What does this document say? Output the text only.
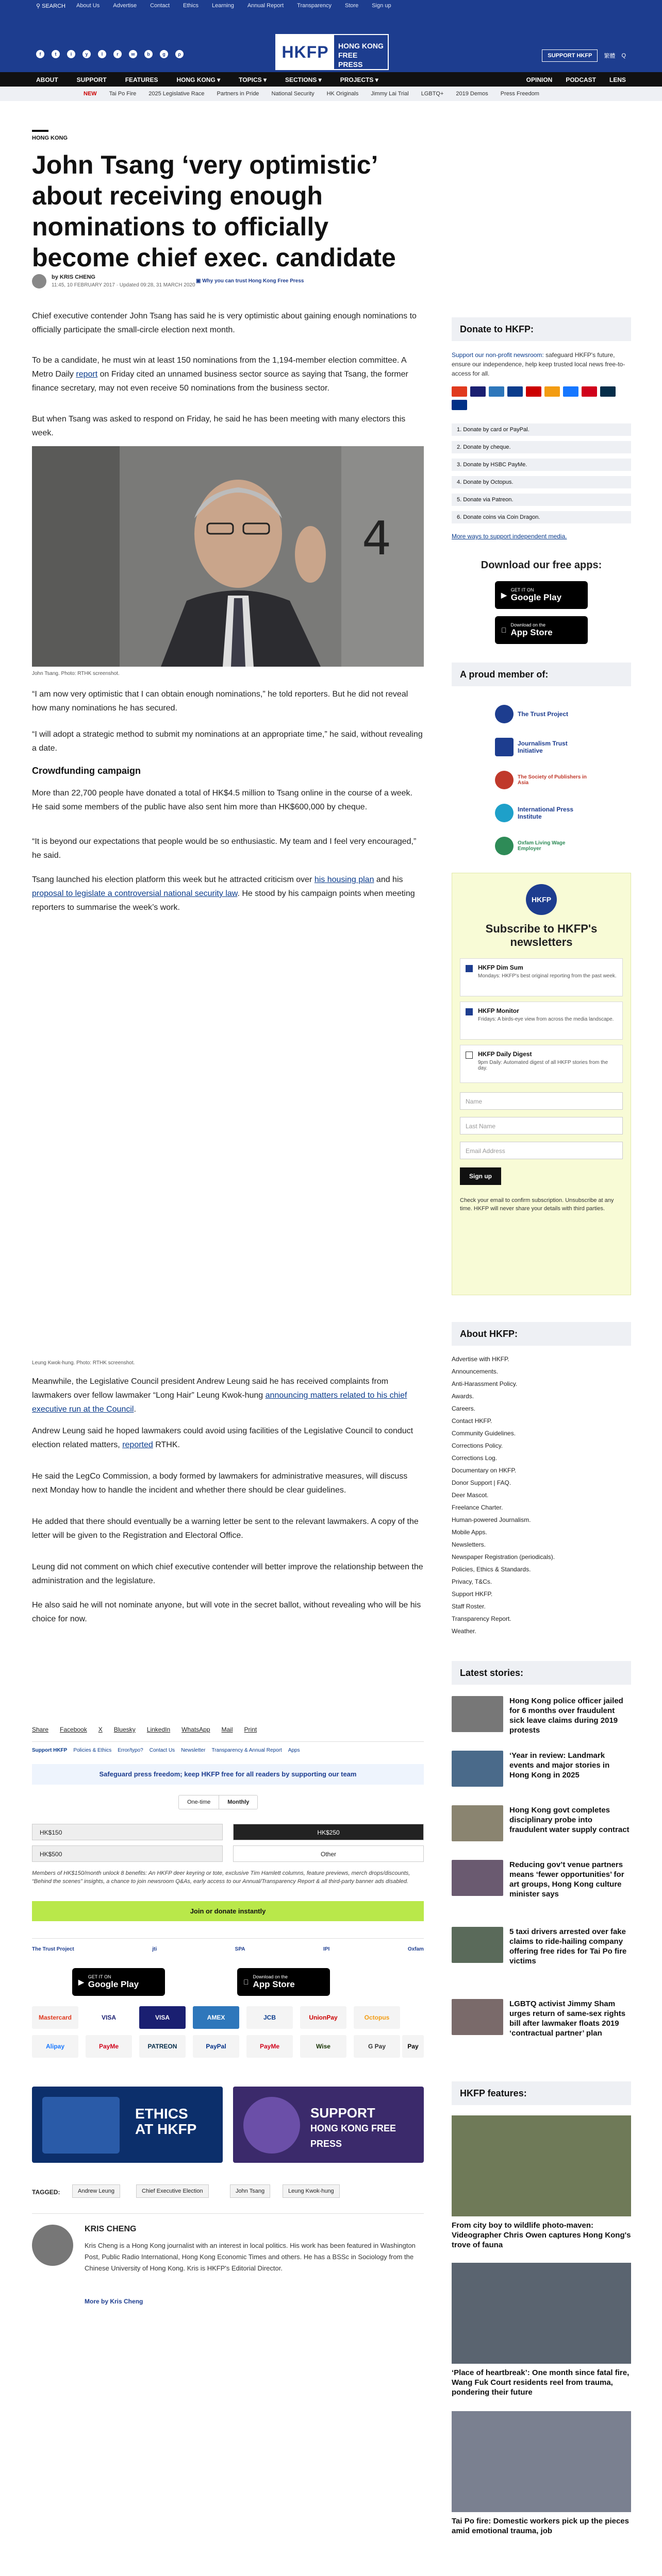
⚲ SEARCH About Us Advertise Contact Ethics Learning Annual Report Transparency Store Sign up
f	t	i	y	l	r	w	b	g	ρ	HKFP	HONG KONG FREE PRESS
SUPPORT HKFP	繁體 Q
ABOUT	SUPPORT	FEATURES	HONG KONG ▾	TOPICS ▾	SECTIONS ▾	PROJECTS ▾	OPINION PODCAST LENS
NEW Tai Po Fire 2025 Legislative Race Partners in Pride National Security HK Originals Jimmy Lai Trial LGBTQ+ 2019 Demos Press Freedom
HONG KONG
John Tsang ‘very optimistic’ about receiving enough nominations to officially become chief exec. candidate
by KRIS CHENG
11:45, 10 FEBRUARY 2017 · Updated 09:28, 31 MARCH 2020
▣ Why you can trust Hong Kong Free Press
Chief executive contender John Tsang has said he is very optimistic about gaining enough nominations to officially participate the small-circle election next month.
To be a candidate, he must win at least 150 nominations from the 1,194-member election committee. A Metro Daily report on Friday cited an unnamed business sector source as saying that Tsang, the former finance secretary, may not even receive 50 nominations from the business sector.
But when Tsang was asked to respond on Friday, he said he has been meeting with many electors this week.
4
John Tsang. Photo: RTHK screenshot.
“I am now very optimistic that I can obtain enough nominations,” he told reporters. But he did not reveal how many nominations he has secured.
“I will adopt a strategic method to submit my nominations at an appropriate time,” he said, without revealing a date.
Crowdfunding campaign
More than 22,700 people have donated a total of HK$4.5 million to Tsang online in the course of a week. He said some members of the public have also sent him more than HK$600,000 by cheque.
“It is beyond our expectations that people would be so enthusiastic. My team and I feel very encouraged,” he said.
Tsang launched his election platform this week but he attracted criticism over his housing plan and his proposal to legislate a controversial national security law. He stood by his campaign points when meeting reporters to summarise the week’s work.
Leung Kwok-hung. Photo: RTHK screenshot.
Meanwhile, the Legislative Council president Andrew Leung said he has received complaints from lawmakers over fellow lawmaker “Long Hair” Leung Kwok-hung announcing matters related to his chief executive run at the Council.
Andrew Leung said he hoped lawmakers could avoid using facilities of the Legislative Council to conduct election related matters, reported RTHK.
He said the LegCo Commission, a body formed by lawmakers for administrative measures, will discuss next Monday how to handle the incident and whether there should be clear guidelines.
He added that there should eventually be a warning letter be sent to the relevant lawmakers. A copy of the letter will be given to the Registration and Electoral Office.
Leung did not comment on which chief executive contender will better improve the relationship between the administration and the legislature.
He also said he will not nominate anyone, but will vote in the secret ballot, without revealing who will be his choice for now.
Share Facebook X Bluesky LinkedIn WhatsApp Mail Print
Support HKFP Policies & Ethics Error/typo? Contact Us Newsletter Transparency & Annual Report Apps
Safeguard press freedom; keep HKFP free for all readers by supporting our team
One-time	Monthly
HK$150	HK$250
HK$500	Other
Members of HK$150/month unlock 8 benefits: An HKFP deer keyring or tote, exclusive Tim Hamlett columns, feature previews, merch drops/discounts, “Behind the scenes” insights, a chance to join newsroom Q&As, early access to our Annual/Transparency Report & all third-party banner ads disabled.
Join or donate instantly
The Trust Project	jti	SPA	IPI	Oxfam
▶
GET IT ON
Google Play
Download on the
App Store
Mastercard	VISA	VISA	AMEX	JCB	UnionPay	Octopus
Alipay	PayMe	PATREON	PayPal	PayMe	Wise	G Pay	Pay
ETHICS
AT HKFP
SUPPORT
HONG KONG FREE PRESS
TAGGED:	Andrew Leung	Chief Executive Election	John Tsang	Leung Kwok-hung
KRIS CHENG
Kris Cheng is a Hong Kong journalist with an interest in local politics. His work has been featured in Washington Post, Public Radio International, Hong Kong Economic Times and others. He has a BSSc in Sociology from the Chinese University of Hong Kong. Kris is HKFP's Editorial Director.
More by Kris Cheng
Donate to HKFP:
Support our non-profit newsroom: safeguard HKFP's future, ensure our independence, help keep trusted local news free-to-access for all.
1. Donate by card or PayPal.
2. Donate by cheque.
3. Donate by HSBC PayMe.
4. Donate by Octopus.
5. Donate via Patreon.
6. Donate coins via Coin Dragon.
More ways to support independent media.
Download our free apps:
▶
GET IT ON
Google Play
Download on the
App Store
A proud member of:
The Trust Project
Journalism Trust Initiative
The Society of Publishers in Asia
International Press Institute
Oxfam Living Wage Employer
HKFP
Subscribe to HKFP's newsletters
HKFP Dim Sum
Mondays: HKFP's best original reporting from the past week.
HKFP Monitor
Fridays: A birds-eye view from across the media landscape.
HKFP Daily Digest
9pm Daily: Automated digest of all HKFP stories from the day.
Name
Last Name
Email Address
Sign up
Check your email to confirm subscription. Unsubscribe at any time. HKFP will never share your details with third parties.
About HKFP:
Advertise with HKFP.
Announcements.
Anti-Harassment Policy.
Awards.
Careers.
Contact HKFP.
Community Guidelines.
Corrections Policy.
Corrections Log.
Documentary on HKFP.
Donor Support | FAQ.
Deer Mascot.
Freelance Charter.
Human-powered Journalism.
Mobile Apps.
Newsletters.
Newspaper Registration (periodicals).
Policies, Ethics & Standards.
Privacy, T&Cs.
Support HKFP.
Staff Roster.
Transparency Report.
Weather.
Latest stories:
Hong Kong police officer jailed for 6 months over fraudulent sick leave claims during 2019 protests
‘Year in review: Landmark events and major stories in Hong Kong in 2025
Hong Kong govt completes disciplinary probe into fraudulent water supply contract
Reducing gov’t venue partners means ‘fewer opportunities’ for art groups, Hong Kong culture minister says
5 taxi drivers arrested over fake claims to ride-hailing company offering free rides for Tai Po fire victims
LGBTQ activist Jimmy Sham urges return of same-sex rights bill after lawmaker floats 2019 ‘contractual partner’ plan
HKFP features:
From city boy to wildlife photo-maven: Videographer Chris Owen captures Hong Kong's trove of fauna
‘Place of heartbreak’: One month since fatal fire, Wang Fuk Court residents reel from trauma, pondering their future
Tai Po fire: Domestic workers pick up the pieces amid emotional trauma, job
